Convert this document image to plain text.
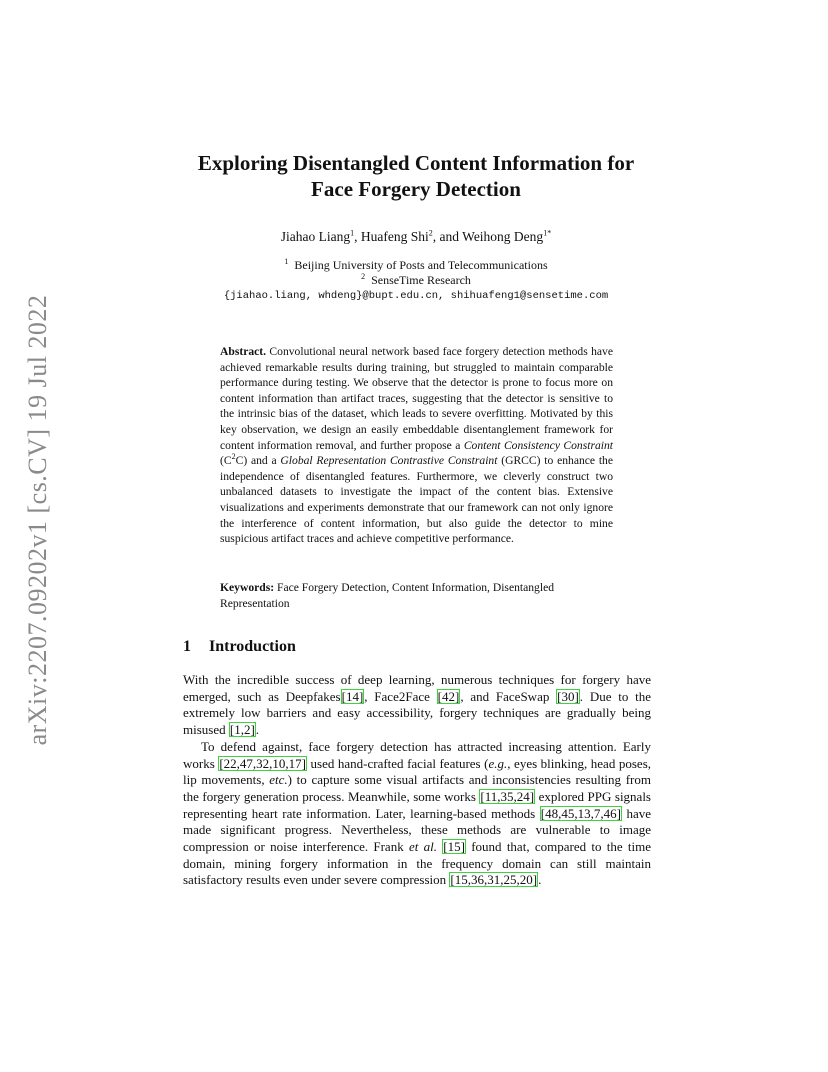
arXiv:2207.09202v1 [cs.CV] 19 Jul 2022
Exploring Disentangled Content Information for
Face Forgery Detection
Jiahao Liang$^1$, Huafeng Shi$^2$, and Weihong Deng$^{1*}$
$^1$ Beijing University of Posts and Telecommunications
$^2$ SenseTime Research
{jiahao.liang, whdeng}@bupt.edu.cn, shihuafeng1@sensetime.com
Abstract. Convolutional neural network based face forgery detection methods have achieved remarkable results during training, but struggled to maintain comparable performance during testing. We observe that the detector is prone to focus more on content information than artifact traces, suggesting that the detector is sensitive to the intrinsic bias of the dataset, which leads to severe overfitting. Motivated by this key observation, we design an easily embeddable disentanglement framework for content information removal, and further propose a Content Consistency Constraint $(C^2C)$ and a Global Representation Contrastive Constraint (GRCC) to enhance the independence of disentangled features. Furthermore, we cleverly construct two unbalanced datasets to investigate the impact of the content bias. Extensive visualizations and experiments demonstrate that our framework can not only ignore the interference of content information, but also guide the detector to mine suspicious artifact traces and achieve competitive performance.
Keywords: Face Forgery Detection, Content Information, Disentangled Representation
1 Introduction

With the incredible success of deep learning, numerous techniques for forgery have emerged, such as Deepfakes[14], Face2Face [42], and FaceSwap [30]. Due to the extremely low barriers and easy accessibility, forgery techniques are gradually being misused [1,2].

To defend against, face forgery detection has attracted increasing attention. Early works [22,47,32,10,17] used hand-crafted facial features (e.g., eyes blinking, head poses, lip movements, etc.) to capture some visual artifacts and inconsistencies resulting from the forgery generation process. Meanwhile, some works [11,35,24] explored PPG signals representing heart rate information. Later, learning-based methods [48,45,13,7,46] have made significant progress. Nevertheless, these methods are vulnerable to image compression or noise interference. Frank et al. [15] found that, compared to the time domain, mining forgery information in the frequency domain can still maintain satisfactory results even under severe compression [15,36,31,25,20].
